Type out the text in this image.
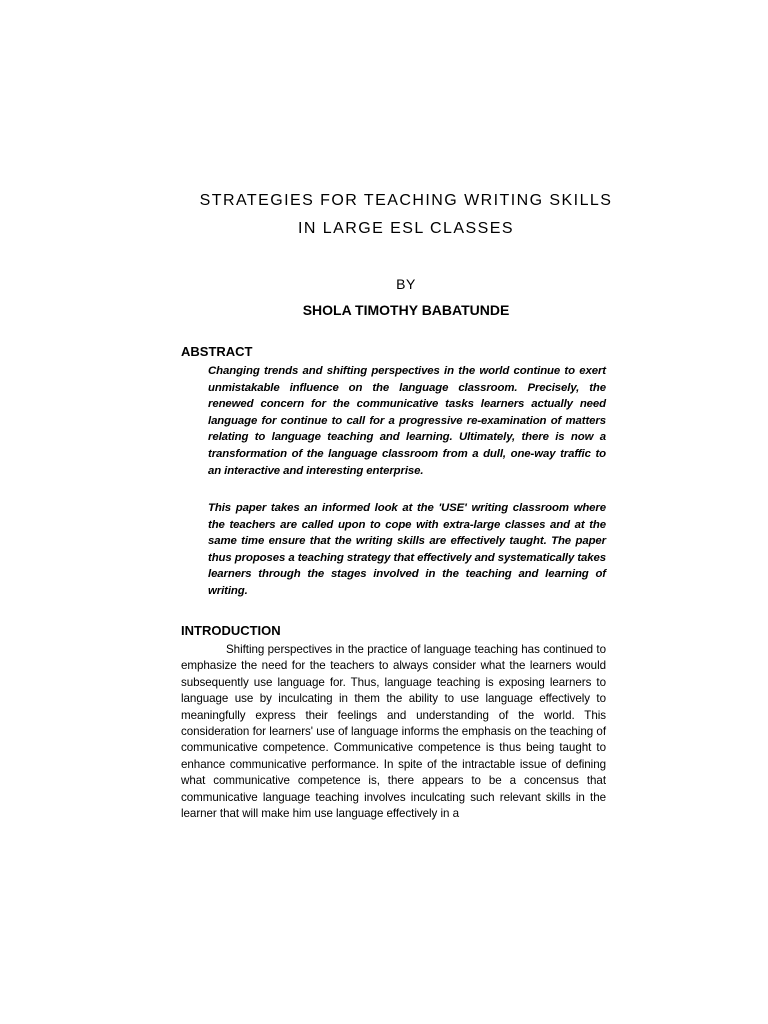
STRATEGIES FOR TEACHING WRITING SKILLS
IN LARGE ESL CLASSES
BY
SHOLA TIMOTHY BABATUNDE
ABSTRACT
Changing trends and shifting perspectives in the world continue to exert unmistakable influence on the language classroom. Precisely, the renewed concern for the communicative tasks learners actually need language for continue to call for a progressive re-examination of matters relating to language teaching and learning. Ultimately, there is now a transformation of the language classroom from a dull, one-way traffic to an interactive and interesting enterprise.
This paper takes an informed look at the 'USE' writing classroom where the teachers are called upon to cope with extra-large classes and at the same time ensure that the writing skills are effectively taught. The paper thus proposes a teaching strategy that effectively and systematically takes learners through the stages involved in the teaching and learning of writing.
INTRODUCTION

Shifting perspectives in the practice of language teaching has continued to emphasize the need for the teachers to always consider what the learners would subsequently use language for. Thus, language teaching is exposing learners to language use by inculcating in them the ability to use language effectively to meaningfully express their feelings and understanding of the world. This consideration for learners' use of language informs the emphasis on the teaching of communicative competence. Communicative competence is thus being taught to enhance communicative performance. In spite of the intractable issue of defining what communicative competence is, there appears to be a concensus that communicative language teaching involves inculcating such relevant skills in the learner that will make him use language effectively in a
